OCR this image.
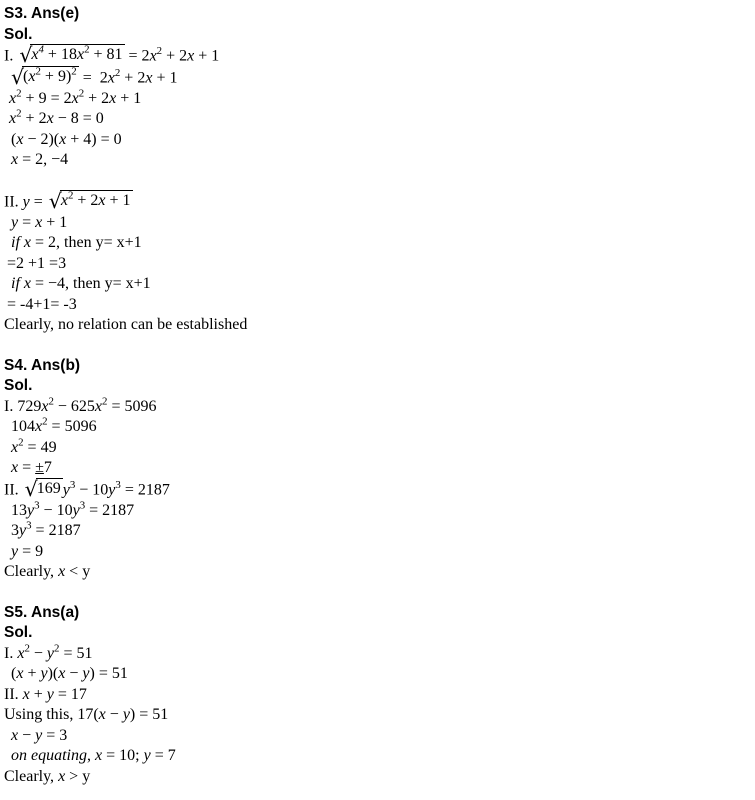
S3. Ans(e)
Sol.
I. $√x^4 + 18x^2 + 81 = 2x^2 + 2x + 1$
$√(x^2 + 9)^2 = 2x^2 + 2x + 1$
$x^2 + 9 = 2x^2 + 2x + 1$
$x^2 + 2x - 8 = 0$
(x − 2)(x + 4) = 0
x = 2, −4
II. $y = √x^2 + 2x + 1$
y = x + 1
if x = 2, then y= x+1
=2 +1 =3
if x = −4, then y= x+1
= -4+1= -3
Clearly, no relation can be established
S4. Ans(b)
Sol.
I. $729x^2 - 625x^2 = 5096$
$104x^2 = 5096$
$x^2 = 49$
x = ±7
II. √169 $y^3 - 10y^3 = 2187$
$13y^3 - 10y^3 = 2187$
$3y^3 = 2187$
y = 9
Clearly, x < y
S5. Ans(a)
Sol.
I. $x^2 - y^2 = 51$
(x + y)(x − y) = 51
II. x + y = 17
Using this, 17(x − y) = 51
x − y = 3
on equating, x = 10; y = 7
Clearly, x > y
